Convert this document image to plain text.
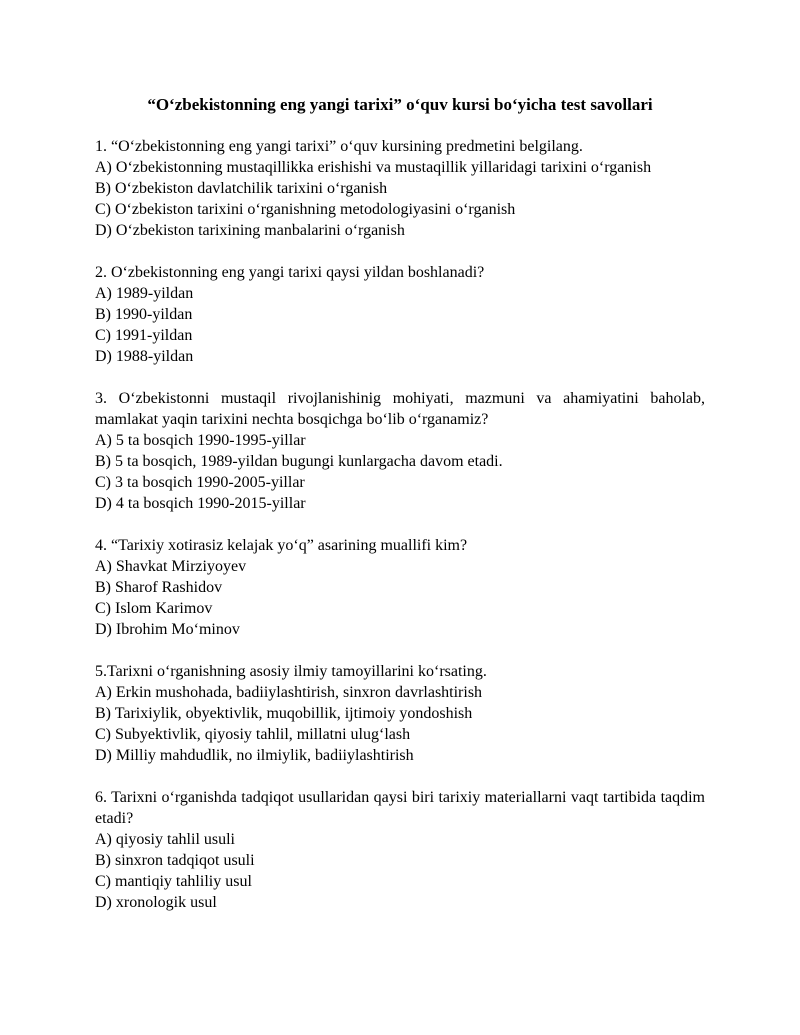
“O‘zbekistonning eng yangi tarixi” o‘quv kursi bo‘yicha test savollari

1. “O‘zbekistonning eng yangi tarixi” o‘quv kursining predmetini belgilang.

A) O‘zbekistonning mustaqillikka erishishi va mustaqillik yillaridagi tarixini o‘rganish

B) O‘zbekiston davlatchilik tarixini o‘rganish

C) O‘zbekiston tarixini o‘rganishning metodologiyasini o‘rganish

D) O‘zbekiston tarixining manbalarini o‘rganish

2. O‘zbekistonning eng yangi tarixi qaysi yildan boshlanadi?

A) 1989-yildan

B) 1990-yildan

C) 1991-yildan

D) 1988-yildan

3. O‘zbekistonni mustaqil rivojlanishinig mohiyati, mazmuni va ahamiyatini baholab, mamlakat yaqin tarixini nechta bosqichga bo‘lib o‘rganamiz?

A) 5 ta bosqich 1990-1995-yillar

B) 5 ta bosqich, 1989-yildan bugungi kunlargacha davom etadi.

C) 3 ta bosqich 1990-2005-yillar

D) 4 ta bosqich 1990-2015-yillar

4. “Tarixiy xotirasiz kelajak yo‘q” asarining muallifi kim?

A) Shavkat Mirziyoyev

B) Sharof Rashidov

C) Islom Karimov

D) Ibrohim Mo‘minov

5.Tarixni o‘rganishning asosiy ilmiy tamoyillarini ko‘rsating.

A) Erkin mushohada, badiiylashtirish, sinxron davrlashtirish

B) Tarixiylik, obyektivlik, muqobillik, ijtimoiy yondoshish

C) Subyektivlik, qiyosiy tahlil, millatni ulug‘lash

D) Milliy mahdudlik, no ilmiylik, badiiylashtirish

6. Tarixni o‘rganishda tadqiqot usullaridan qaysi biri tarixiy materiallarni vaqt tartibida taqdim etadi?

A) qiyosiy tahlil usuli

B) sinxron tadqiqot usuli

C) mantiqiy tahliliy usul

D) xronologik usul
